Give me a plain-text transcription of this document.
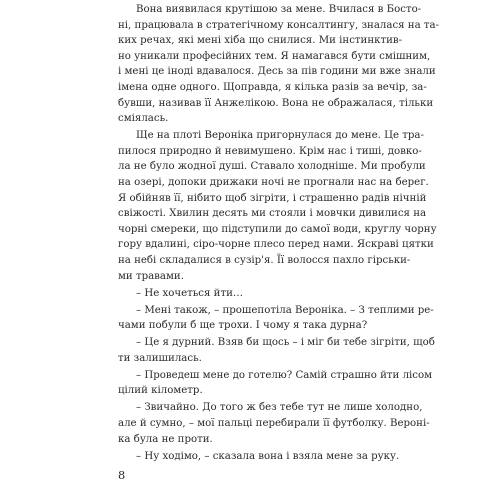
Вона виявилася крутішою за мене. Вчилася в Босто-
ні, працювала в стратегічному консалтингу, зналася на та-
ких речах, які мені хіба що снилися. Ми інстинктив-
но уникали професійних тем. Я намагався бути смішним,
і мені це іноді вдавалося. Десь за пів години ми вже знали
імена одне одного. Щоправда, я кілька разів за вечір, за-
бувши, називав її Анжелікою. Вона не ображалася, тільки
сміялась.
Ще на плоті Вероніка пригорнулася до мене. Це тра-
пилося природно й невимушено. Крім нас і тиші, довко-
ла не було жодної душі. Ставало холодніше. Ми пробули
на озері, допоки дрижаки ночі не прогнали нас на берег.
Я обійняв її, нібито щоб зігріти, і страшенно радів нічній
свіжості. Хвилин десять ми стояли і мовчки дивилися на
чорні смереки, що підступили до самої води, круглу чорну
гору вдалині, сіро-чорне плесо перед нами. Яскраві цятки
на небі складалися в сузір'я. Її волосся пахло гірськи-
ми травами.
– Не хочеться йти…
– Мені також, – прошепотіла Вероніка. – З теплими ре-
чами побули б ще трохи. І чому я така дурна?
– Це я дурний. Взяв би щось – і міг би тебе зігріти, щоб
ти залишилась.
– Проведеш мене до готелю? Самій страшно йти лісом
цілий кілометр.
– Звичайно. До того ж без тебе тут не лише холодно,
але й сумно, – мої пальці перебирали її футболку. Вероні-
ка була не проти.
– Ну ходімо, – сказала вона і взяла мене за руку.
8
